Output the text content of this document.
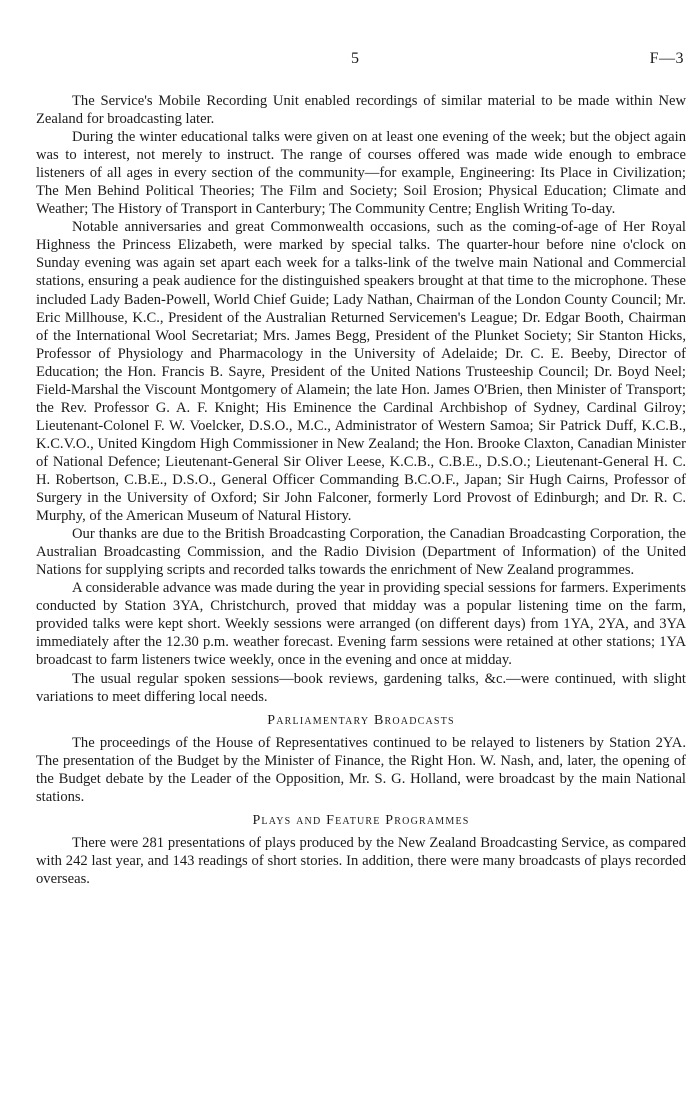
5	F—3

The Service's Mobile Recording Unit enabled recordings of similar material to be made within New Zealand for broadcasting later.

During the winter educational talks were given on at least one evening of the week; but the object again was to interest, not merely to instruct. The range of courses offered was made wide enough to embrace listeners of all ages in every section of the community—for example, Engineering: Its Place in Civilization; The Men Behind Political Theories; The Film and Society; Soil Erosion; Physical Education; Climate and Weather; The History of Transport in Canterbury; The Community Centre; English Writing To-day.

Notable anniversaries and great Commonwealth occasions, such as the coming-of-age of Her Royal Highness the Princess Elizabeth, were marked by special talks. The quarter-hour before nine o'clock on Sunday evening was again set apart each week for a talks-link of the twelve main National and Commercial stations, ensuring a peak audience for the distinguished speakers brought at that time to the microphone. These included Lady Baden-Powell, World Chief Guide; Lady Nathan, Chairman of the London County Council; Mr. Eric Millhouse, K.C., President of the Australian Returned Servicemen's League; Dr. Edgar Booth, Chairman of the International Wool Secretariat; Mrs. James Begg, President of the Plunket Society; Sir Stanton Hicks, Professor of Physiology and Pharmacology in the University of Adelaide; Dr. C. E. Beeby, Director of Education; the Hon. Francis B. Sayre, President of the United Nations Trusteeship Council; Dr. Boyd Neel; Field-Marshal the Viscount Montgomery of Alamein; the late Hon. James O'Brien, then Minister of Transport; the Rev. Professor G. A. F. Knight; His Eminence the Cardinal Archbishop of Sydney, Cardinal Gilroy; Lieutenant-Colonel F. W. Voelcker, D.S.O., M.C., Administrator of Western Samoa; Sir Patrick Duff, K.C.B., K.C.V.O., United Kingdom High Commissioner in New Zealand; the Hon. Brooke Claxton, Canadian Minister of National Defence; Lieutenant-General Sir Oliver Leese, K.C.B., C.B.E., D.S.O.; Lieutenant-General H. C. H. Robertson, C.B.E., D.S.O., General Officer Commanding B.C.O.F., Japan; Sir Hugh Cairns, Professor of Surgery in the University of Oxford; Sir John Falconer, formerly Lord Provost of Edinburgh; and Dr. R. C. Murphy, of the American Museum of Natural History.

Our thanks are due to the British Broadcasting Corporation, the Canadian Broadcasting Corporation, the Australian Broadcasting Commission, and the Radio Division (Department of Information) of the United Nations for supplying scripts and recorded talks towards the enrichment of New Zealand programmes.

A considerable advance was made during the year in providing special sessions for farmers. Experiments conducted by Station 3YA, Christchurch, proved that midday was a popular listening time on the farm, provided talks were kept short. Weekly sessions were arranged (on different days) from 1YA, 2YA, and 3YA immediately after the 12.30 p.m. weather forecast. Evening farm sessions were retained at other stations; 1YA broadcast to farm listeners twice weekly, once in the evening and once at midday.

The usual regular spoken sessions—book reviews, gardening talks, &c.—were continued, with slight variations to meet differing local needs.

Parliamentary Broadcasts

The proceedings of the House of Representatives continued to be relayed to listeners by Station 2YA. The presentation of the Budget by the Minister of Finance, the Right Hon. W. Nash, and, later, the opening of the Budget debate by the Leader of the Opposition, Mr. S. G. Holland, were broadcast by the main National stations.

Plays and Feature Programmes

There were 281 presentations of plays produced by the New Zealand Broadcasting Service, as compared with 242 last year, and 143 readings of short stories. In addition, there were many broadcasts of plays recorded overseas.
